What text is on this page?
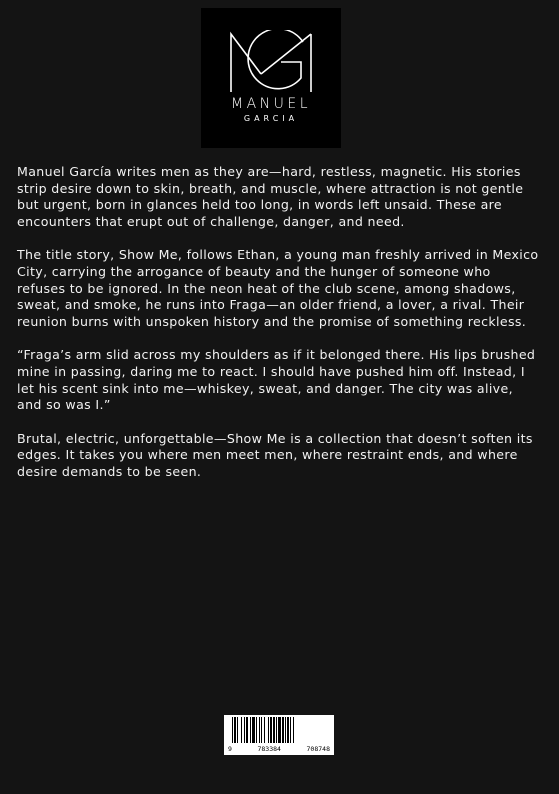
MANUEL
GARCIA

Manuel García writes men as they are—hard, restless, magnetic. His stories strip desire down to skin, breath, and muscle, where attraction is not gentle but urgent, born in glances held too long, in words left unsaid. These are encounters that erupt out of challenge, danger, and need.

The title story, Show Me, follows Ethan, a young man freshly arrived in Mexico City, carrying the arrogance of beauty and the hunger of someone who refuses to be ignored. In the neon heat of the club scene, among shadows, sweat, and smoke, he runs into Fraga—an older friend, a lover, a rival. Their reunion burns with unspoken history and the promise of something reckless.

“Fraga’s arm slid across my shoulders as if it belonged there. His lips brushed mine in passing, daring me to react. I should have pushed him off. Instead, I let his scent sink into me—whiskey, sweat, and danger. The city was alive, and so was I.”

Brutal, electric, unforgettable—Show Me is a collection that doesn’t soften its edges. It takes you where men meet men, where restraint ends, and where desire demands to be seen.

9	783384	708748
